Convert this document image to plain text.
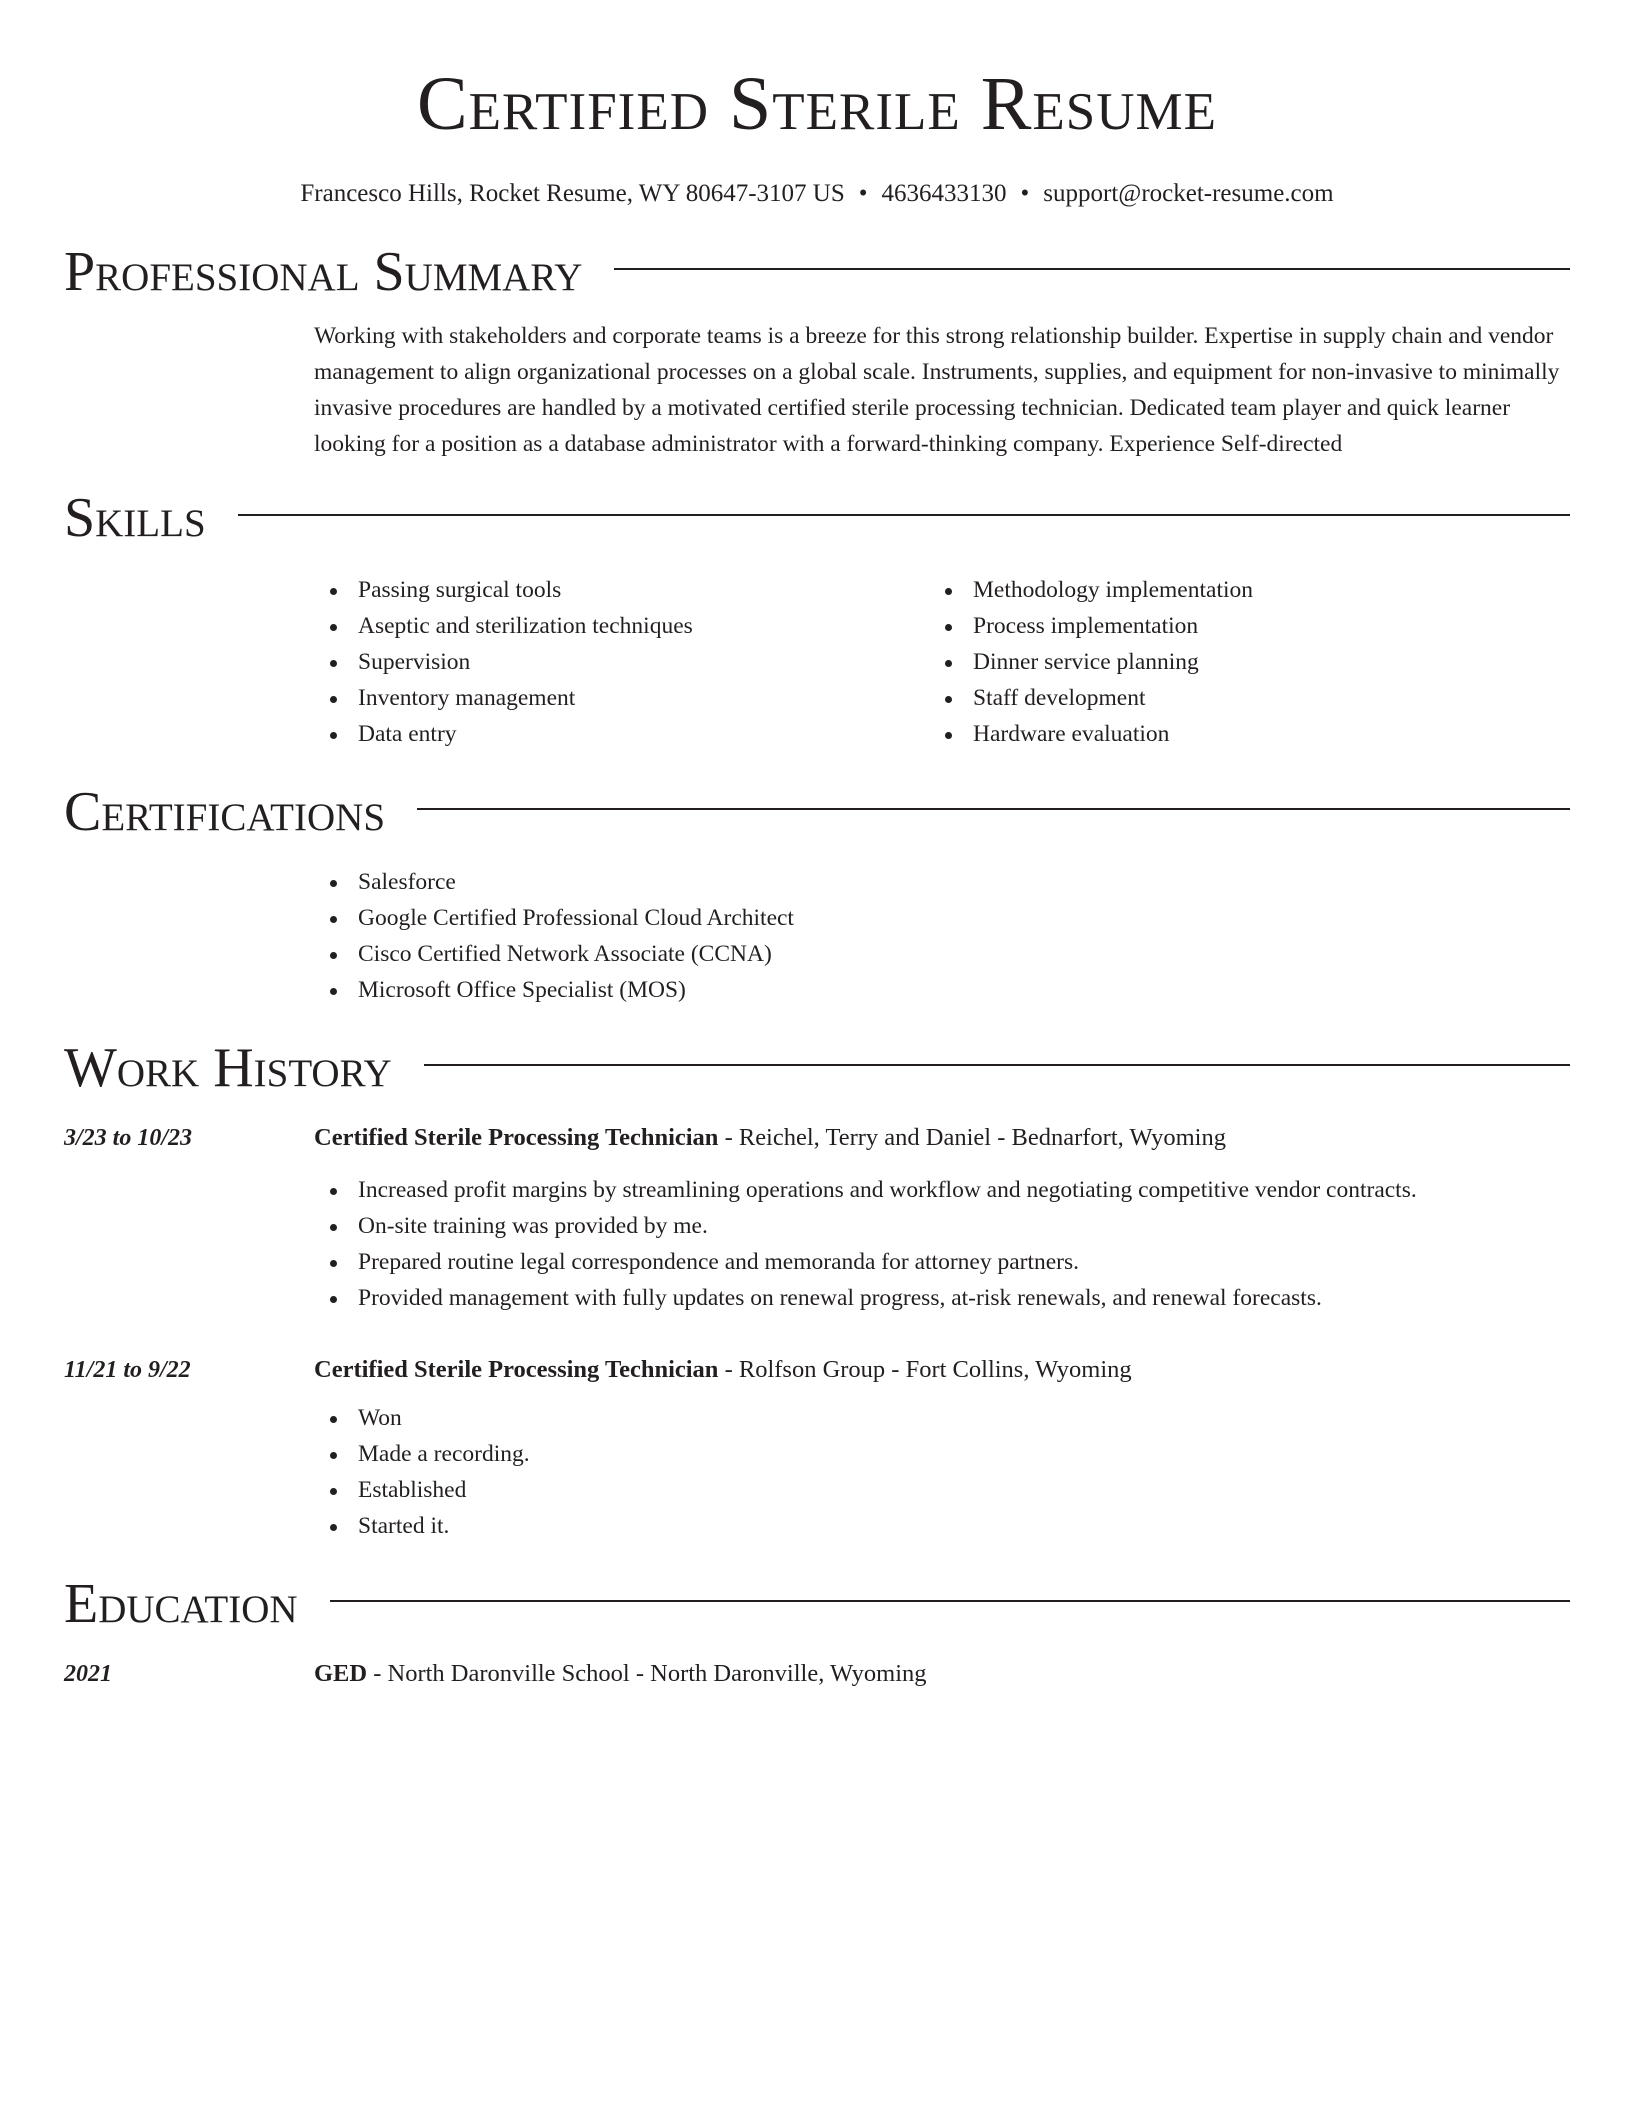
Certified Sterile Resume
Francesco Hills, Rocket Resume, WY 80647-3107 US • 4636433130 • support@rocket-resume.com
Professional Summary

Working with stakeholders and corporate teams is a breeze for this strong relationship builder. Expertise in supply chain and vendor management to align organizational processes on a global scale. Instruments, supplies, and equipment for non-invasive to minimally invasive procedures are handled by a motivated certified sterile processing technician. Dedicated team player and quick learner looking for a position as a database administrator with a forward-thinking company. Experience Self-directed

Skills
Passing surgical tools
Aseptic and sterilization techniques
Supervision
Inventory management
Data entry
Methodology implementation
Process implementation
Dinner service planning
Staff development
Hardware evaluation
Certifications
Salesforce
Google Certified Professional Cloud Architect
Cisco Certified Network Associate (CCNA)
Microsoft Office Specialist (MOS)
Work History
3/23 to 10/23	Certified Sterile Processing Technician - Reichel, Terry and Daniel - Bednarfort, Wyoming
Increased profit margins by streamlining operations and workflow and negotiating competitive vendor contracts.
On-site training was provided by me.
Prepared routine legal correspondence and memoranda for attorney partners.
Provided management with fully updates on renewal progress, at-risk renewals, and renewal forecasts.
11/21 to 9/22	Certified Sterile Processing Technician - Rolfson Group - Fort Collins, Wyoming
Won
Made a recording.
Established
Started it.
Education
2021	GED - North Daronville School - North Daronville, Wyoming
